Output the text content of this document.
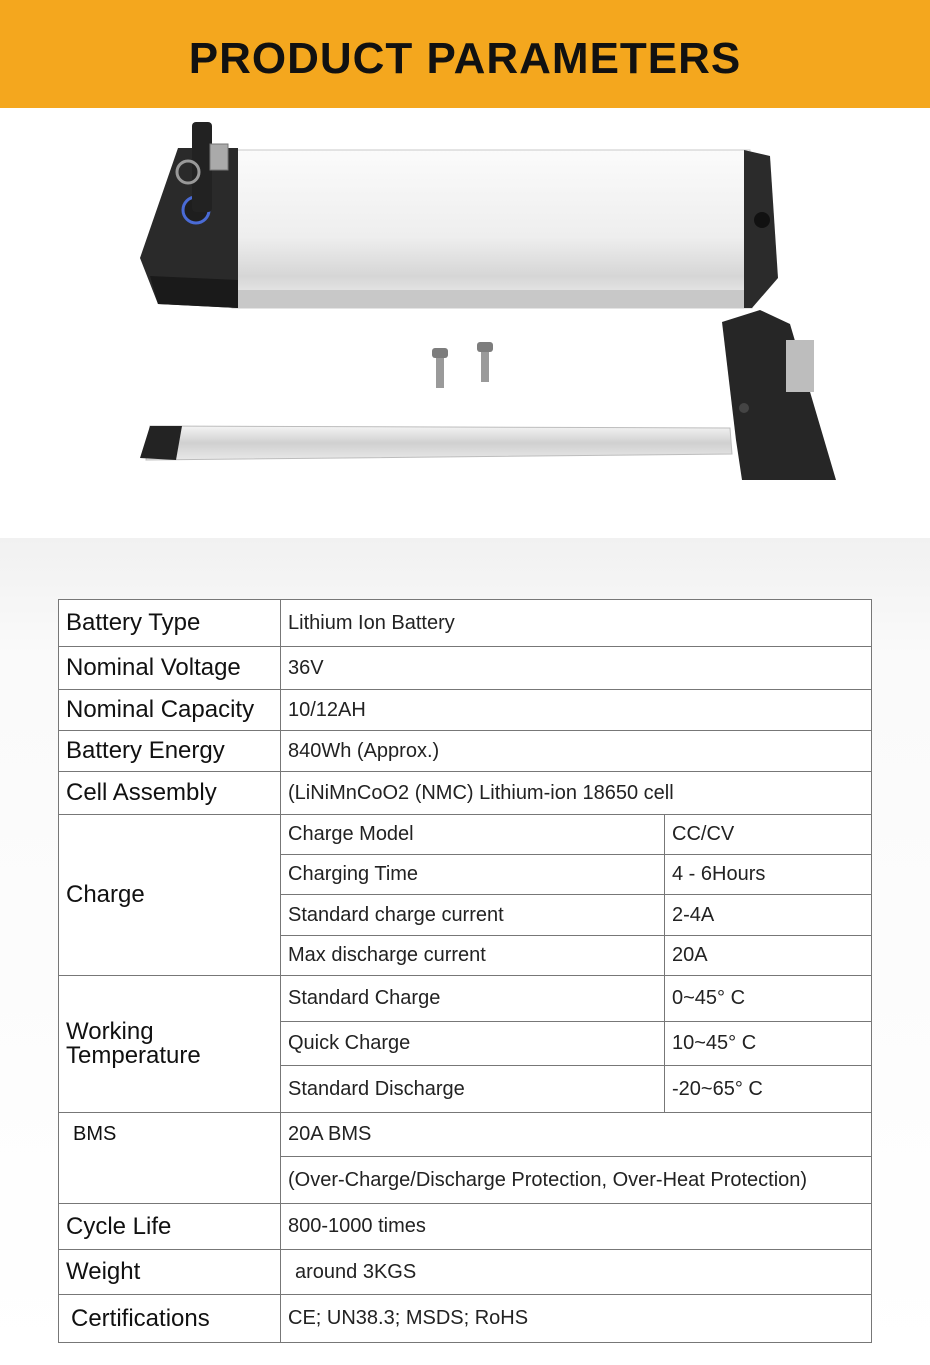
PRODUCT PARAMETERS
Battery Type	Lithium Ion Battery	
Nominal Voltage	36V	
Nominal Capacity	10/12AH	
Battery Energy	840Wh (Approx.)	
Cell Assembly	(LiNiMnCoO2 (NMC) Lithium-ion 18650 cell	
Charge	Charge Model	CC/CV
	Charging Time	4 - 6Hours
	Standard charge current	2-4A
	Max discharge current	20A
Working Temperature	Standard Charge	0~45° C
	Quick Charge	10~45° C
	Standard Discharge	-20~65° C
BMS	20A BMS	
	(Over-Charge/Discharge Protection, Over-Heat Protection)	
Cycle Life	800-1000 times	
Weight	around 3KGS	
Certifications	CE; UN38.3; MSDS; RoHS	
